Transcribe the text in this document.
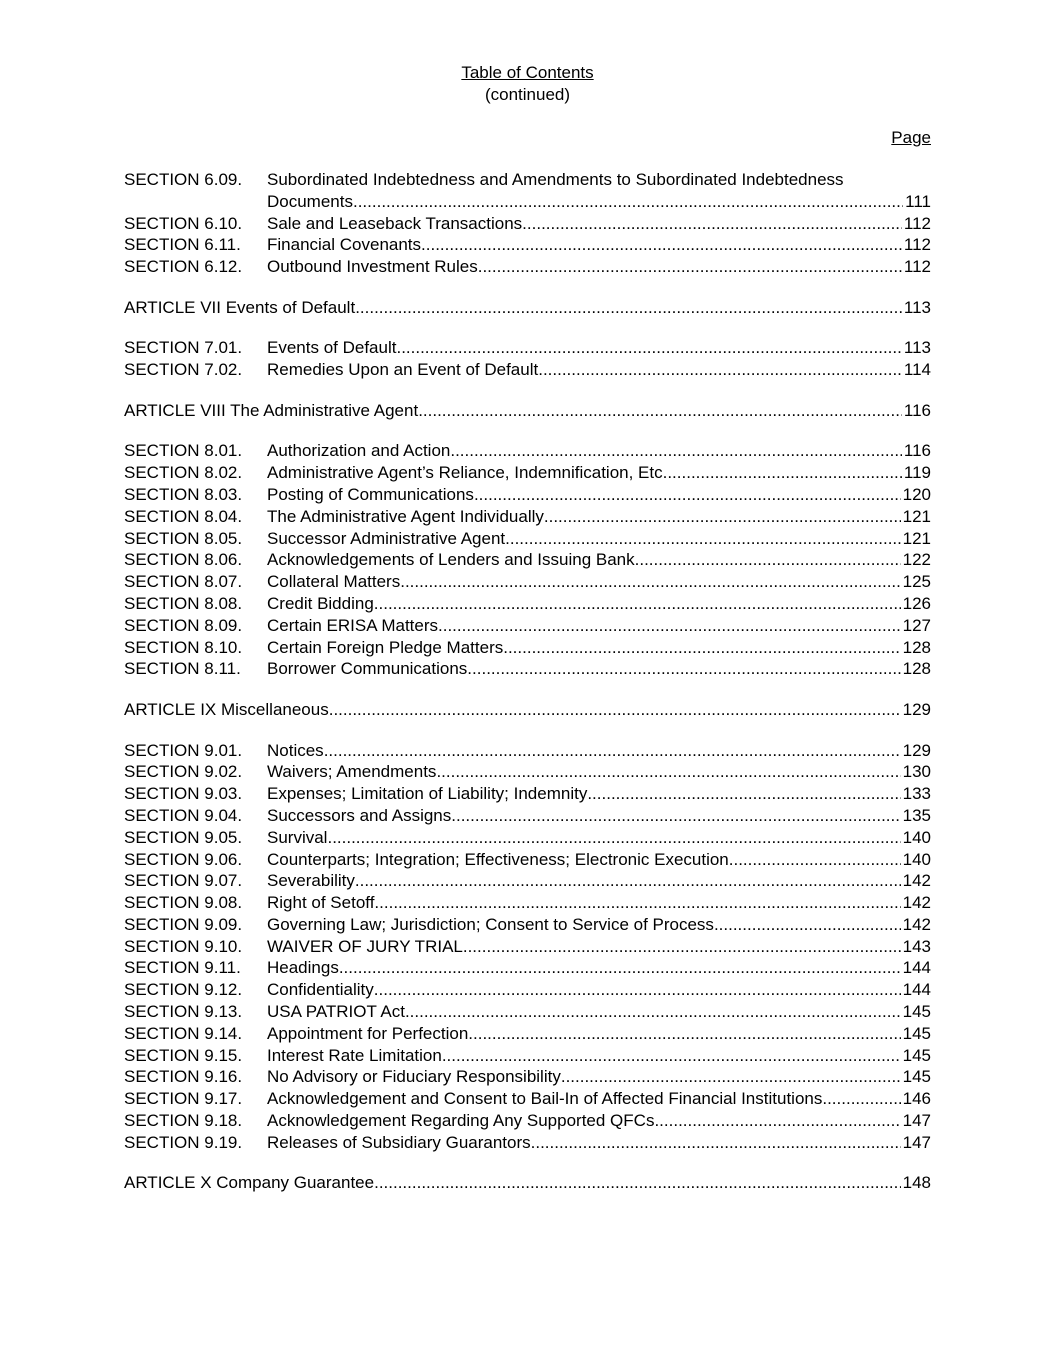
Table of Contents
(continued)
Page
SECTION 6.09.	Subordinated Indebtedness and Amendments to Subordinated Indebtedness
Documents .....	111
SECTION 6.10.	Sale and Leaseback Transactions .....	112
SECTION 6.11.	Financial Covenants .....	112
SECTION 6.12.	Outbound Investment Rules .....	112
ARTICLE VII Events of Default .....	113
SECTION 7.01.	Events of Default .....	113
SECTION 7.02.	Remedies Upon an Event of Default .....	114
ARTICLE VIII The Administrative Agent .....	116
SECTION 8.01.	Authorization and Action .....	116
SECTION 8.02.	Administrative Agent’s Reliance, Indemnification, Etc .....	119
SECTION 8.03.	Posting of Communications .....	120
SECTION 8.04.	The Administrative Agent Individually .....	121
SECTION 8.05.	Successor Administrative Agent .....	121
SECTION 8.06.	Acknowledgements of Lenders and Issuing Bank .....	122
SECTION 8.07.	Collateral Matters .....	125
SECTION 8.08.	Credit Bidding .....	126
SECTION 8.09.	Certain ERISA Matters .....	127
SECTION 8.10.	Certain Foreign Pledge Matters .....	128
SECTION 8.11.	Borrower Communications .....	128
ARTICLE IX Miscellaneous .....	129
SECTION 9.01.	Notices .....	129
SECTION 9.02.	Waivers; Amendments .....	130
SECTION 9.03.	Expenses; Limitation of Liability; Indemnity .....	133
SECTION 9.04.	Successors and Assigns .....	135
SECTION 9.05.	Survival .....	140
SECTION 9.06.	Counterparts; Integration; Effectiveness; Electronic Execution .....	140
SECTION 9.07.	Severability .....	142
SECTION 9.08.	Right of Setoff .....	142
SECTION 9.09.	Governing Law; Jurisdiction; Consent to Service of Process .....	142
SECTION 9.10.	WAIVER OF JURY TRIAL .....	143
SECTION 9.11.	Headings .....	144
SECTION 9.12.	Confidentiality .....	144
SECTION 9.13.	USA PATRIOT Act .....	145
SECTION 9.14.	Appointment for Perfection .....	145
SECTION 9.15.	Interest Rate Limitation .....	145
SECTION 9.16.	No Advisory or Fiduciary Responsibility .....	145
SECTION 9.17.	Acknowledgement and Consent to Bail-In of Affected Financial Institutions .....	146
SECTION 9.18.	Acknowledgement Regarding Any Supported QFCs .....	147
SECTION 9.19.	Releases of Subsidiary Guarantors. .....	147
ARTICLE X Company Guarantee .....	148
